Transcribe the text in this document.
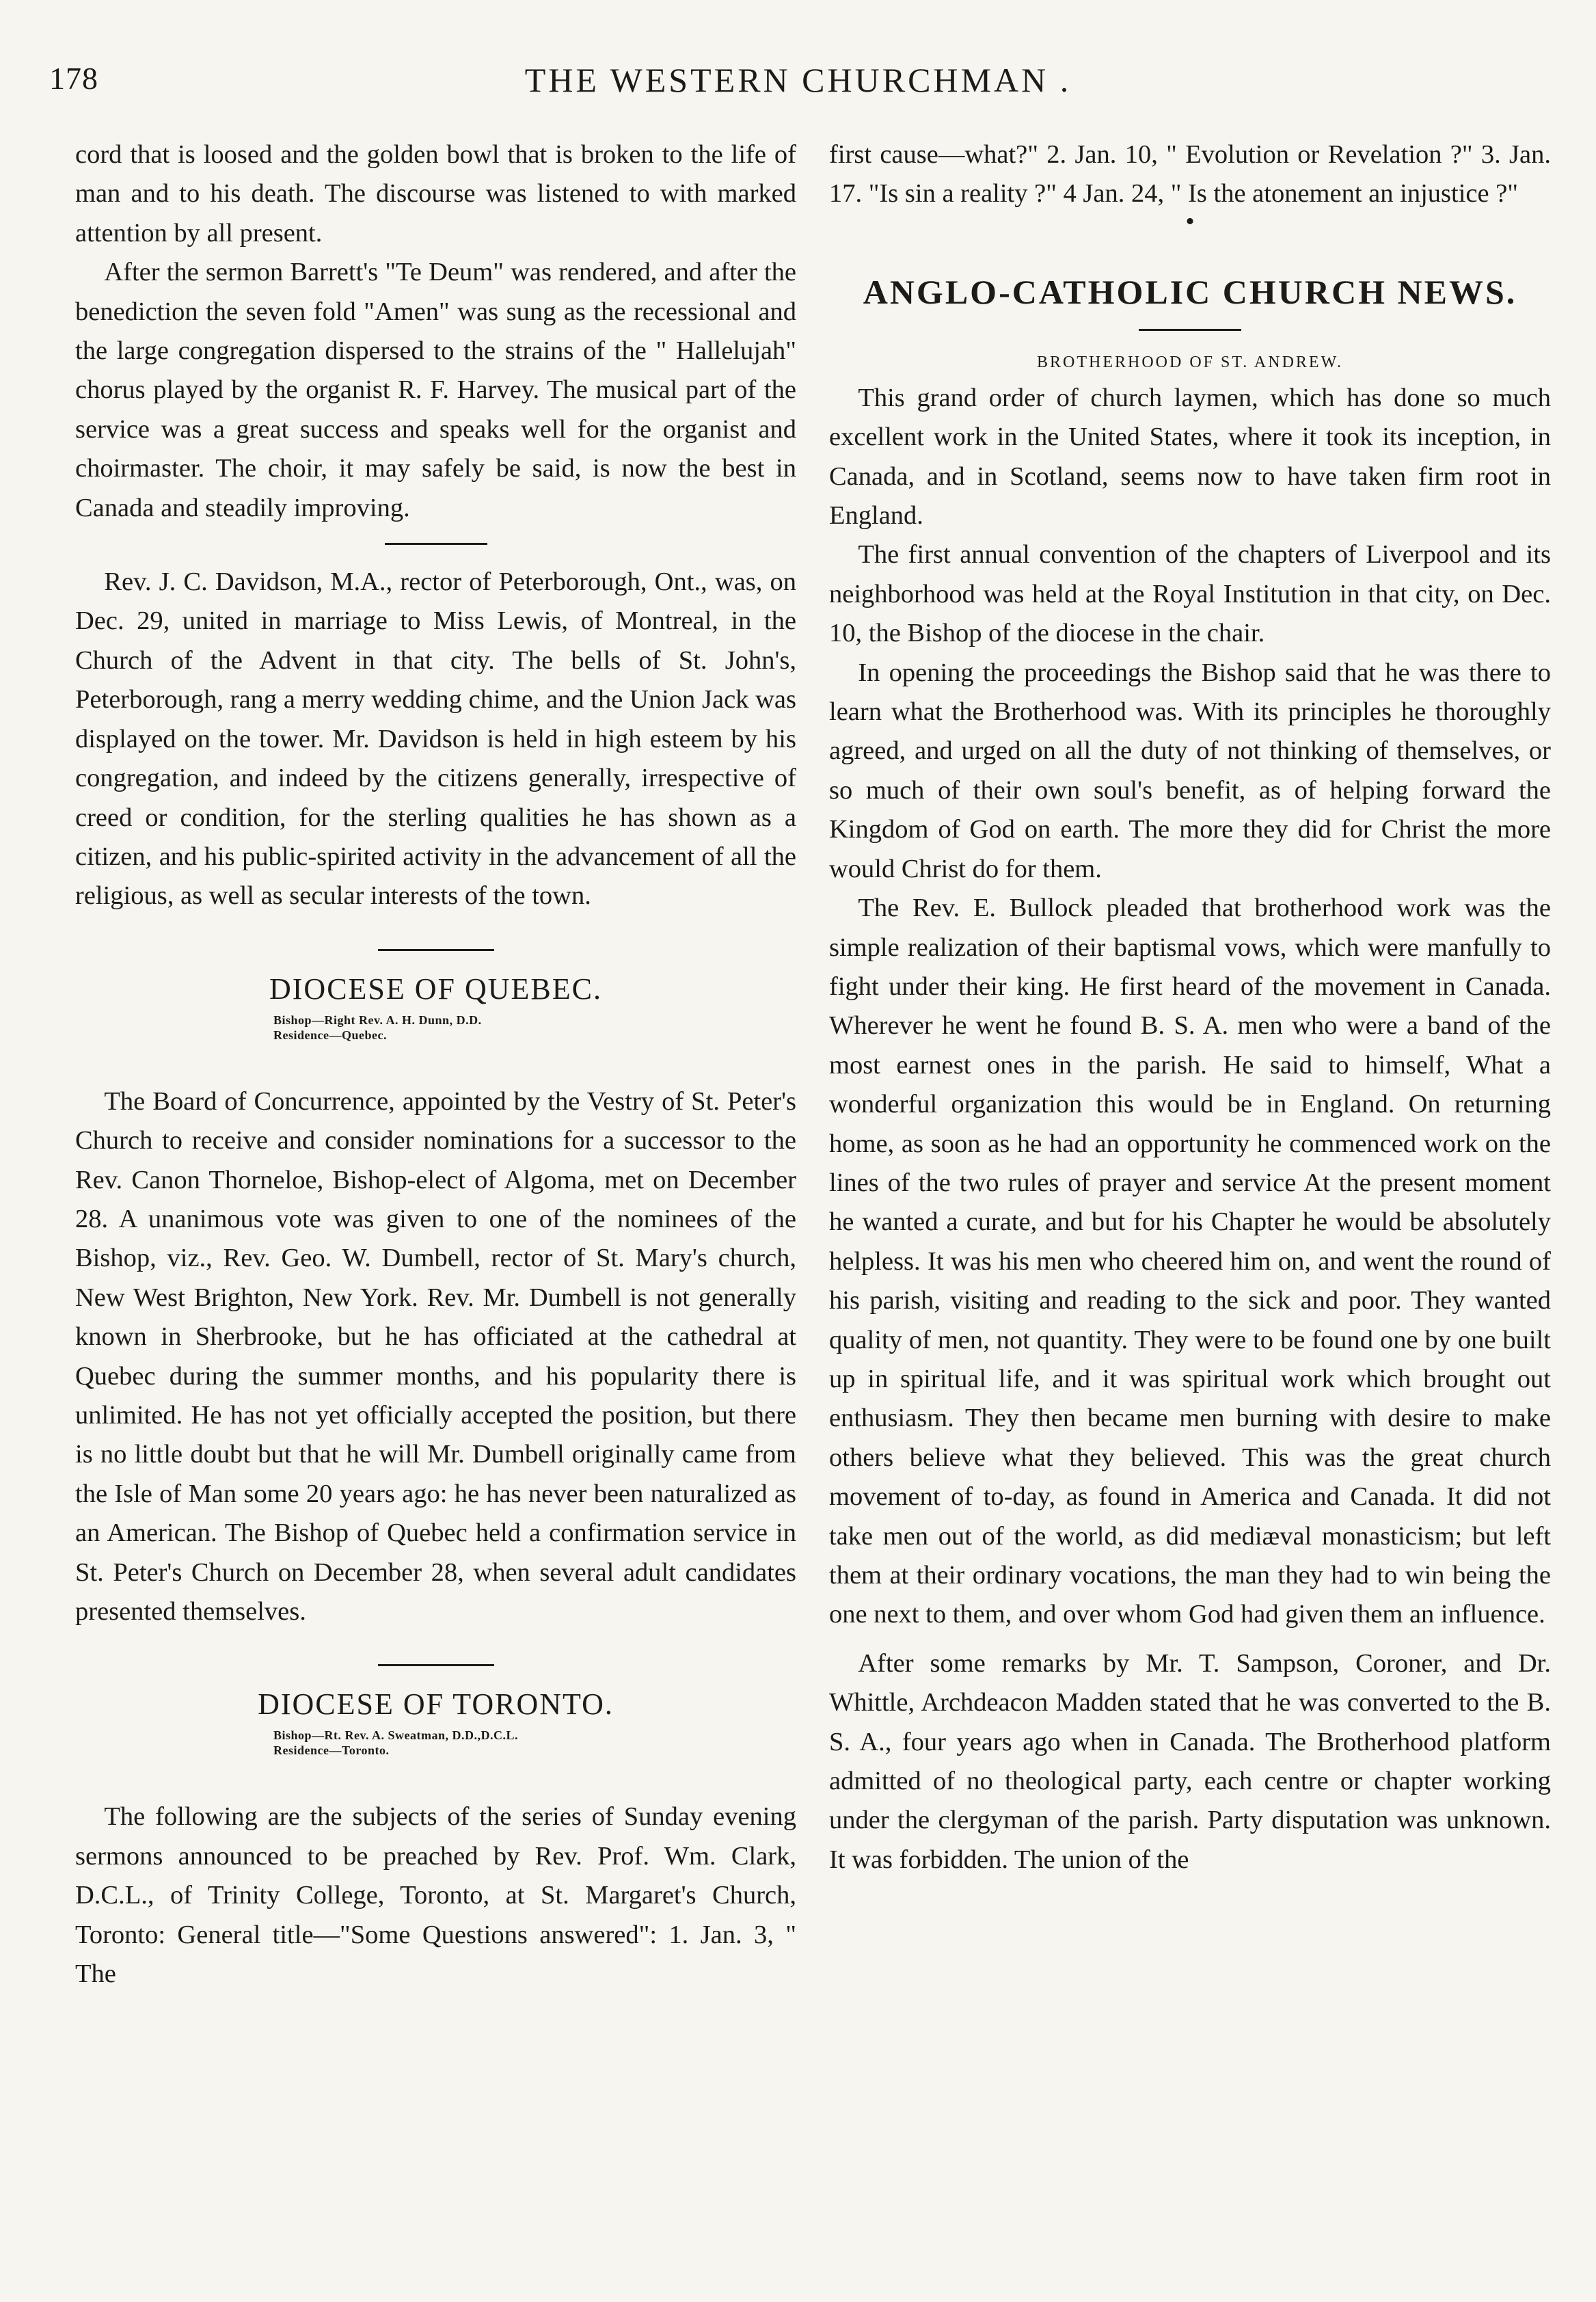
178	THE WESTERN CHURCHMAN .

cord that is loosed and the golden bowl that is broken to the life of man and to his death. The discourse was listened to with marked attention by all present.

After the sermon Barrett's "Te Deum" was rendered, and after the benediction the seven fold "Amen" was sung as the recessional and the large congregation dispersed to the strains of the " Hallelujah" chorus played by the organist R. F. Harvey. The musical part of the service was a great success and speaks well for the organist and choirmaster. The choir, it may safely be said, is now the best in Canada and steadily improving.

Rev. J. C. Davidson, M.A., rector of Peterborough, Ont., was, on Dec. 29, united in marriage to Miss Lewis, of Montreal, in the Church of the Advent in that city. The bells of St. John's, Peterborough, rang a merry wedding chime, and the Union Jack was displayed on the tower. Mr. Davidson is held in high esteem by his congregation, and indeed by the citizens generally, irrespective of creed or condition, for the sterling qualities he has shown as a citizen, and his public-spirited activity in the advancement of all the religious, as well as secular interests of the town.

DIOCESE OF QUEBEC.
Bishop—Right Rev. A. H. Dunn, D.D.
Residence—Quebec.

The Board of Concurrence, appointed by the Vestry of St. Peter's Church to receive and consider nominations for a successor to the Rev. Canon Thorneloe, Bishop-elect of Algoma, met on December 28. A unanimous vote was given to one of the nominees of the Bishop, viz., Rev. Geo. W. Dumbell, rector of St. Mary's church, New West Brighton, New York. Rev. Mr. Dumbell is not generally known in Sherbrooke, but he has officiated at the cathedral at Quebec during the summer months, and his popularity there is unlimited. He has not yet officially accepted the position, but there is no little doubt but that he will Mr. Dumbell originally came from the Isle of Man some 20 years ago: he has never been naturalized as an American. The Bishop of Quebec held a confirmation service in St. Peter's Church on December 28, when several adult candidates presented themselves.

DIOCESE OF TORONTO.
Bishop—Rt. Rev. A. Sweatman, D.D.,D.C.L.
Residence—Toronto.

The following are the subjects of the series of Sunday evening sermons announced to be preached by Rev. Prof. Wm. Clark, D.C.L., of Trinity College, Toronto, at St. Margaret's Church, Toronto: General title—"Some Questions answered": 1. Jan. 3, " The

first cause—what?" 2. Jan. 10, " Evolution or Revelation ?" 3. Jan. 17. "Is sin a reality ?" 4 Jan. 24, " Is the atonement an injustice ?"

•
ANGLO-CATHOLIC CHURCH NEWS.
BROTHERHOOD OF ST. ANDREW.

This grand order of church laymen, which has done so much excellent work in the United States, where it took its inception, in Canada, and in Scotland, seems now to have taken firm root in England.

The first annual convention of the chapters of Liverpool and its neighborhood was held at the Royal Institution in that city, on Dec. 10, the Bishop of the diocese in the chair.

In opening the proceedings the Bishop said that he was there to learn what the Brotherhood was. With its principles he thoroughly agreed, and urged on all the duty of not thinking of themselves, or so much of their own soul's benefit, as of helping forward the Kingdom of God on earth. The more they did for Christ the more would Christ do for them.

The Rev. E. Bullock pleaded that brotherhood work was the simple realization of their baptismal vows, which were manfully to fight under their king. He first heard of the movement in Canada. Wherever he went he found B. S. A. men who were a band of the most earnest ones in the parish. He said to himself, What a wonderful organization this would be in England. On returning home, as soon as he had an opportunity he commenced work on the lines of the two rules of prayer and service At the present moment he wanted a curate, and but for his Chapter he would be absolutely helpless. It was his men who cheered him on, and went the round of his parish, visiting and reading to the sick and poor. They wanted quality of men, not quantity. They were to be found one by one built up in spiritual life, and it was spiritual work which brought out enthusiasm. They then became men burning with desire to make others believe what they believed. This was the great church movement of to-day, as found in America and Canada. It did not take men out of the world, as did mediæval monasticism; but left them at their ordinary vocations, the man they had to win being the one next to them, and over whom God had given them an influence.

After some remarks by Mr. T. Sampson, Coroner, and Dr. Whittle, Archdeacon Madden stated that he was converted to the B. S. A., four years ago when in Canada. The Brotherhood platform admitted of no theological party, each centre or chapter working under the clergyman of the parish. Party disputation was unknown. It was forbidden. The union of the
